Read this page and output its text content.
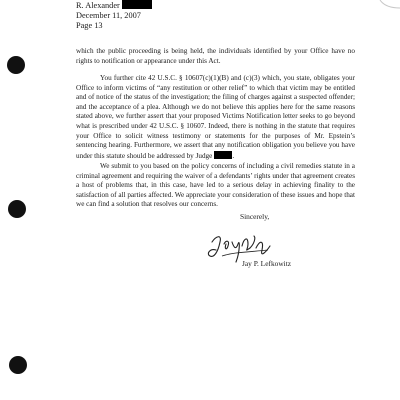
R. Alexander
December 11, 2007
Page 13
which the public proceeding is being held, the individuals identified by your Office have no rights to notification or appearance under this Act.
You further cite 42 U.S.C. § 10607(c)(1)(B) and (c)(3) which, you state, obligates your Office to inform victims of “any restitution or other relief” to which that victim may be entitled and of notice of the status of the investigation; the filing of charges against a suspected offender; and the acceptance of a plea. Although we do not believe this applies here for the same reasons stated above, we further assert that your proposed Victims Notification letter seeks to go beyond what is prescribed under 42 U.S.C. § 10607. Indeed, there is nothing in the statute that requires your Office to solicit witness testimony or statements for the purposes of Mr. Epstein’s sentencing hearing. Furthermore, we assert that any notification obligation you believe you have under this statute should be addressed by Judge	.
We submit to you based on the policy concerns of including a civil remedies statute in a criminal agreement and requiring the waiver of a defendants’ rights under that agreement creates a host of problems that, in this case, have led to a serious delay in achieving finality to the satisfaction of all parties affected. We appreciate your consideration of these issues and hope that we can find a solution that resolves our concerns.
Sincerely,
Jay P. Lefkowitz
